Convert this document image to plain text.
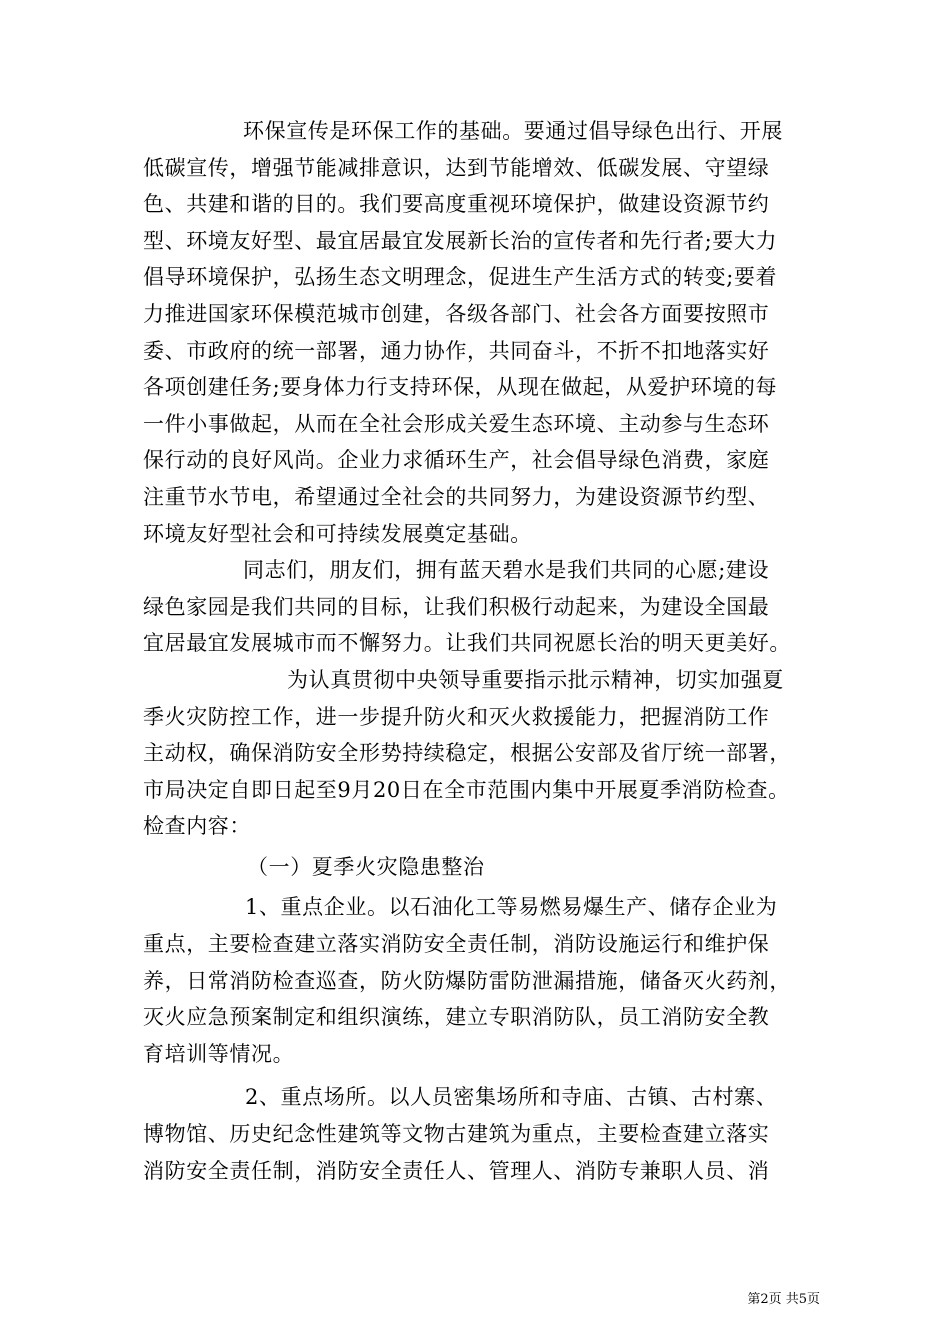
环保宣传是环保工作的基础。要通过倡导绿色出行、开展
低碳宣传，增强节能减排意识，达到节能增效、低碳发展、守望绿
色、共建和谐的目的。我们要高度重视环境保护，做建设资源节约
型、环境友好型、最宜居最宜发展新长治的宣传者和先行者;要大力
倡导环境保护，弘扬生态文明理念，促进生产生活方式的转变;要着
力推进国家环保模范城市创建，各级各部门、社会各方面要按照市
委、市政府的统一部署，通力协作，共同奋斗，不折不扣地落实好
各项创建任务;要身体力行支持环保，从现在做起，从爱护环境的每
一件小事做起，从而在全社会形成关爱生态环境、主动参与生态环
保行动的良好风尚。企业力求循环生产，社会倡导绿色消费，家庭
注重节水节电，希望通过全社会的共同努力，为建设资源节约型、
环境友好型社会和可持续发展奠定基础。

同志们，朋友们，拥有蓝天碧水是我们共同的心愿;建设
绿色家园是我们共同的目标，让我们积极行动起来，为建设全国最
宜居最宜发展城市而不懈努力。让我们共同祝愿长治的明天更美好。

为认真贯彻中央领导重要指示批示精神，切实加强夏
季火灾防控工作，进一步提升防火和灭火救援能力，把握消防工作
主动权，确保消防安全形势持续稳定，根据公安部及省厅统一部署，
市局决定自即日起至9月20日在全市范围内集中开展夏季消防检查。
检查内容：

（一）夏季火灾隐患整治

1、重点企业。以石油化工等易燃易爆生产、储存企业为
重点，主要检查建立落实消防安全责任制，消防设施运行和维护保
养，日常消防检查巡查，防火防爆防雷防泄漏措施，储备灭火药剂，
灭火应急预案制定和组织演练，建立专职消防队，员工消防安全教
育培训等情况。

2、重点场所。以人员密集场所和寺庙、古镇、古村寨、
博物馆、历史纪念性建筑等文物古建筑为重点，主要检查建立落实
消防安全责任制，消防安全责任人、管理人、消防专兼职人员、消

第2页 共5页
